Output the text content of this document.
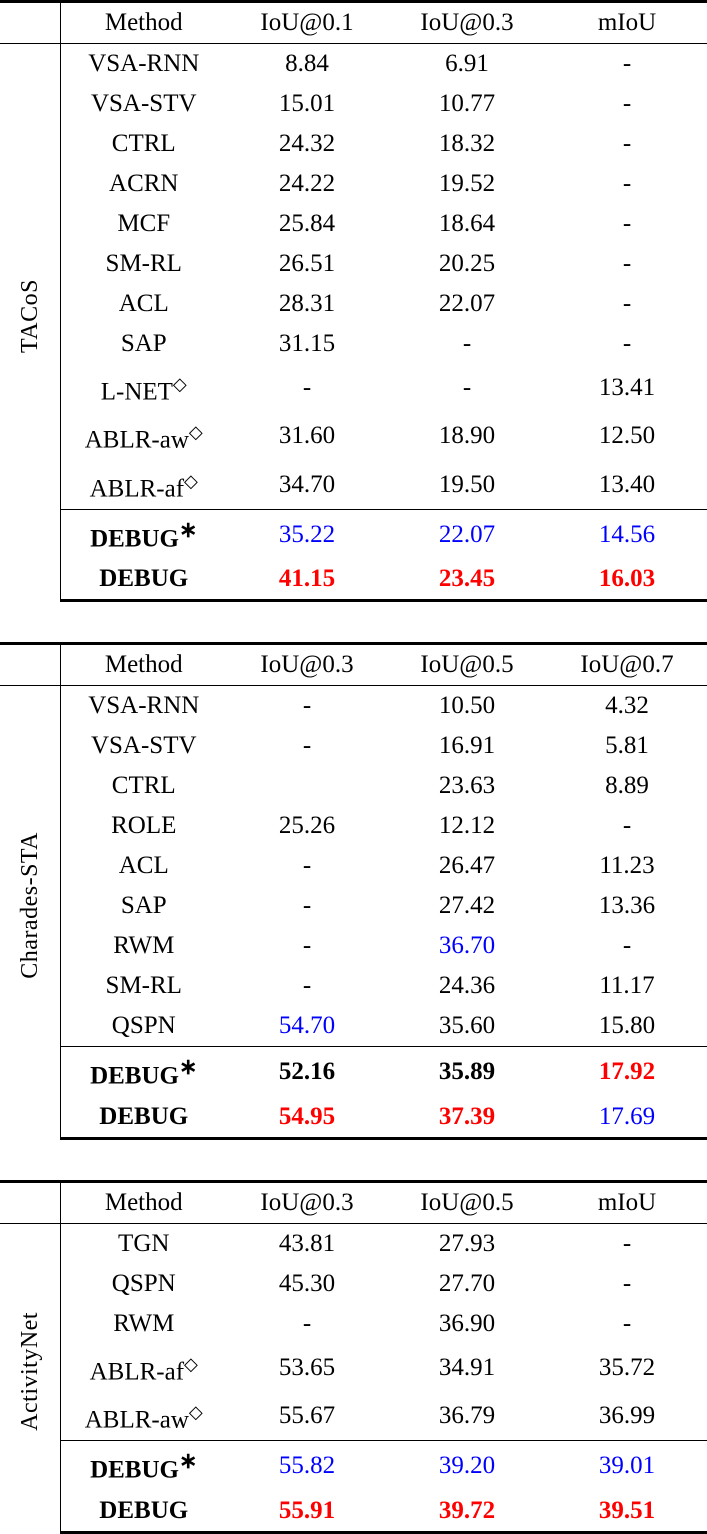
	Method	IoU@0.1	IoU@0.3	mIoU
TACoS	VSA-RNN	8.84	6.91	-
	VSA-STV	15.01	10.77	-
	CTRL	24.32	18.32	-
	ACRN	24.22	19.52	-
	MCF	25.84	18.64	-
	SM-RL	26.51	20.25	-
	ACL	28.31	22.07	-
	SAP	31.15	-	-
	L-NET◇	-	-	13.41
	ABLR-aw◇	31.60	18.90	12.50
	ABLR-af◇	34.70	19.50	13.40
	DEBUG∗	35.22	22.07	14.56
	DEBUG	41.15	23.45	16.03

	Method	IoU@0.3	IoU@0.5	IoU@0.7
Charades-STA	VSA-RNN	-	10.50	4.32
	VSA-STV	-	16.91	5.81
	CTRL		23.63	8.89
	ROLE	25.26	12.12	-
	ACL	-	26.47	11.23
	SAP	-	27.42	13.36
	RWM	-	36.70	-
	SM-RL	-	24.36	11.17
	QSPN	54.70	35.60	15.80
	DEBUG∗	52.16	35.89	17.92
	DEBUG	54.95	37.39	17.69

	Method	IoU@0.3	IoU@0.5	mIoU
ActivityNet	TGN	43.81	27.93	-
	QSPN	45.30	27.70	-
	RWM	-	36.90	-
	ABLR-af◇	53.65	34.91	35.72
	ABLR-aw◇	55.67	36.79	36.99
	DEBUG∗	55.82	39.20	39.01
	DEBUG	55.91	39.72	39.51
